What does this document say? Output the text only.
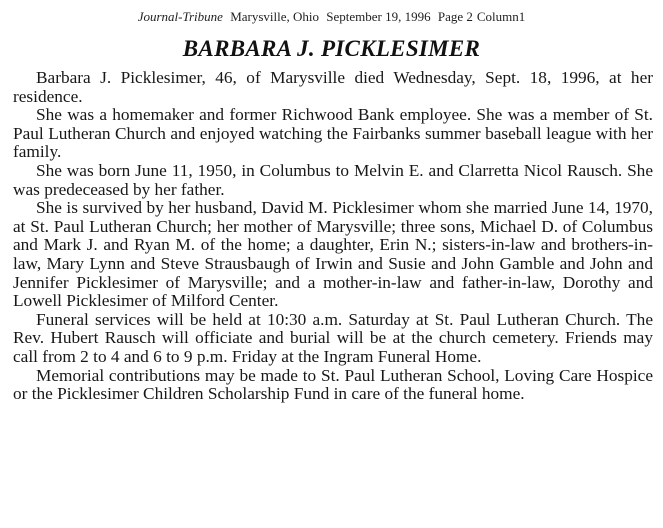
Journal-Tribune Marysville, Ohio September 19, 1996 Page 2 Column1
BARBARA J. PICKLESIMER

Barbara J. Picklesimer, 46, of Marysville died Wednesday, Sept. 18, 1996, at her residence.

She was a homemaker and former Richwood Bank employee. She was a member of St. Paul Lutheran Church and enjoyed watching the Fairbanks summer baseball league with her family.

She was born June 11, 1950, in Columbus to Melvin E. and Clarretta Nicol Rausch. She was predeceased by her father.

She is survived by her husband, David M. Picklesimer whom she married June 14, 1970, at St. Paul Lutheran Church; her mother of Marysville; three sons, Michael D. of Columbus and Mark J. and Ryan M. of the home; a daughter, Erin N.; sisters-in-law and brothers-in-law, Mary Lynn and Steve Strausbaugh of Irwin and Susie and John Gamble and John and Jennifer Picklesimer of Marysville; and a mother-in-law and father-in-law, Dorothy and Lowell Picklesimer of Milford Center.

Funeral services will be held at 10:30 a.m. Saturday at St. Paul Lutheran Church. The Rev. Hubert Rausch will officiate and burial will be at the church cemetery. Friends may call from 2 to 4 and 6 to 9 p.m. Friday at the Ingram Funeral Home.

Memorial contributions may be made to St. Paul Lutheran School, Loving Care Hospice or the Picklesimer Children Scholarship Fund in care of the funeral home.
